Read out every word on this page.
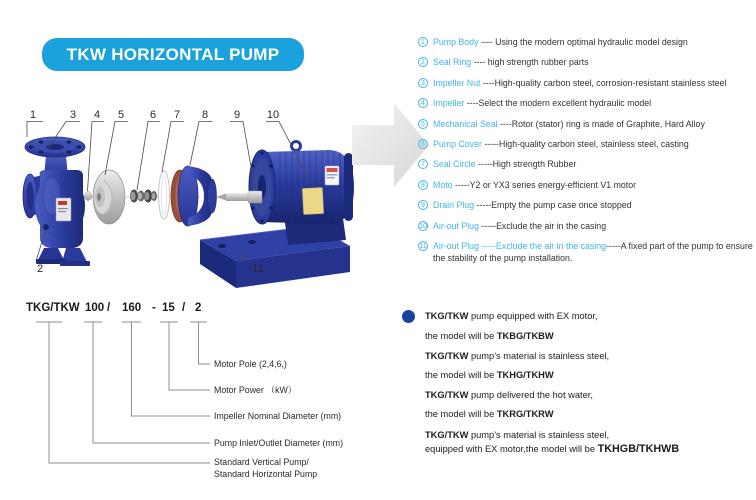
TKW HORIZONTAL PUMP
1	3 4 5 6 7 8 9 10
2	11
1 Pump Body ---- Using the modern optimal hydraulic model design
2 Seal Ring ---- high strength rubber parts
3 Impeller Nut ----High-quality carbon steel, corrosion-resistant stainless steel
4 Impeller ----Select the modern excellent hydraulic model
5 Mechanical Seal ----Rotor (stator) ring is made of Graphite, Hard Alloy
6 Pump Cover -----High-quality carbon steel, stainless steel, casting
7 Seal Circle -----High strength Rubber
8 Moto -----Y2 or YX3 series energy-efficient V1 motor
9 Drain Plug -----Empty the pump case once stopped
10 Air-out Plug -----Exclude the air in the casing
11 Air-out Plug -----Exclude the air in the casing-----A fixed part of the pump to ensure the stability of the pump installation.
TKG/TKW 100 / 160 - 15 / 2
Motor Pole (2,4,6,)
Motor Power （kW）
Impeller Nominal Diameter (mm)
Pump Inlet/Outlet Diameter (mm)
Standard Vertical Pump/
Standard Horizontal Pump
TKG/TKW pump equipped with EX motor,
the model will be TKBG/TKBW
TKG/TKW pump's material is stainless steel,
the model will be TKHG/TKHW
TKG/TKW pump delivered the hot water,
the model will be TKRG/TKRW
TKG/TKW pump's material is stainless steel,
equipped with EX motor,the model will be TKHGB/TKHWB
